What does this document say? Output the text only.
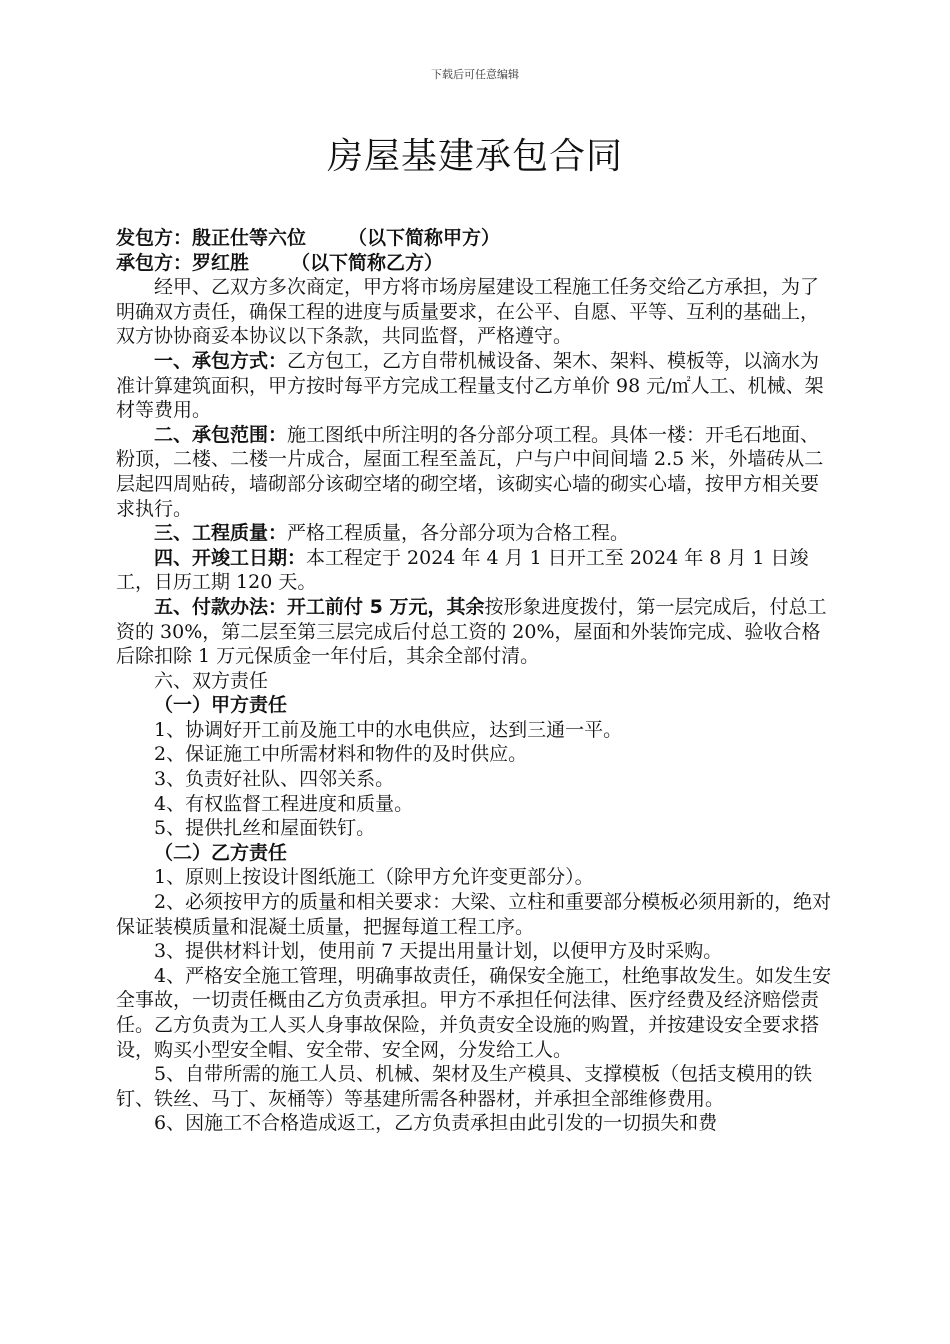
下载后可任意编辑
房屋基建承包合同

发包方：殷正仕等六位 （以下简称甲方）

承包方：罗红胜 （以下简称乙方）

经甲、乙双方多次商定，甲方将市场房屋建设工程施工任务交给乙方承担，为了明确双方责任，确保工程的进度与质量要求，在公平、自愿、平等、互利的基础上，双方协协商妥本协议以下条款，共同监督，严格遵守。

一、承包方式：乙方包工，乙方自带机械设备、架木、架料、模板等，以滴水为准计算建筑面积，甲方按时每平方完成工程量支付乙方单价 98 元/㎡人工、机械、架材等费用。

二、承包范围：施工图纸中所注明的各分部分项工程。具体一楼：开毛石地面、粉顶，二楼、二楼一片成合，屋面工程至盖瓦，户与户中间间墙 2.5 米，外墙砖从二层起四周贴砖，墙砌部分该砌空堵的砌空堵，该砌实心墙的砌实心墙，按甲方相关要求执行。

三、工程质量：严格工程质量，各分部分项为合格工程。

四、开竣工日期：本工程定于 2024 年 4 月 1 日开工至 2024 年 8 月 1 日竣工，日历工期 120 天。

五、付款办法：开工前付 5 万元，其余按形象进度拨付，第一层完成后，付总工资的 30%，第二层至第三层完成后付总工资的 20%，屋面和外装饰完成、验收合格后除扣除 1 万元保质金一年付后，其余全部付清。

六、双方责任

（一）甲方责任

1、协调好开工前及施工中的水电供应，达到三通一平。

2、保证施工中所需材料和物件的及时供应。

3、负责好社队、四邻关系。

4、有权监督工程进度和质量。

5、提供扎丝和屋面铁钉。

（二）乙方责任

1、原则上按设计图纸施工（除甲方允许变更部分）。

2、必须按甲方的质量和相关要求：大梁、立柱和重要部分模板必须用新的，绝对保证装模质量和混凝土质量，把握每道工程工序。

3、提供材料计划，使用前 7 天提出用量计划，以便甲方及时采购。

4、严格安全施工管理，明确事故责任，确保安全施工，杜绝事故发生。如发生安全事故，一切责任概由乙方负责承担。甲方不承担任何法律、医疗经费及经济赔偿责任。乙方负责为工人买人身事故保险，并负责安全设施的购置，并按建设安全要求搭设，购买小型安全帽、安全带、安全网，分发给工人。

5、自带所需的施工人员、机械、架材及生产模具、支撑模板（包括支模用的铁钉、铁丝、马丁、灰桶等）等基建所需各种器材，并承担全部维修费用。

6、因施工不合格造成返工，乙方负责承担由此引发的一切损失和费
